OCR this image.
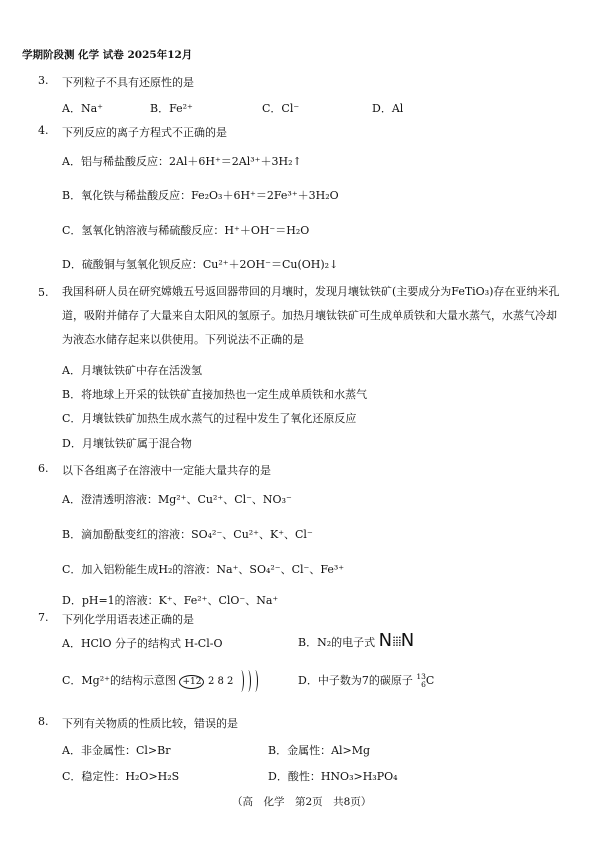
学期阶段测 化学 试卷 2025年12月
3. 下列粒子不具有还原性的是
A．Na⁺	B．Fe²⁺	C．Cl⁻	D．Al
4. 下列反应的离子方程式不正确的是
A．铝与稀盐酸反应：2Al＋6H⁺＝2Al³⁺＋3H₂↑
B．氧化铁与稀盐酸反应：Fe₂O₃＋6H⁺＝2Fe³⁺＋3H₂O
C．氢氧化钠溶液与稀硫酸反应：H⁺＋OH⁻＝H₂O
D．硫酸铜与氢氧化钡反应：Cu²⁺＋2OH⁻＝Cu(OH)₂↓
5. 我国科研人员在研究嫦娥五号返回器带回的月壤时，发现月壤钛铁矿(主要成分为FeTiO₃)存在亚纳米孔道，吸附并储存了大量来自太阳风的氢原子。加热月壤钛铁矿可生成单质铁和大量水蒸气，水蒸气冷却为液态水储存起来以供使用。下列说法不正确的是
A．月壤钛铁矿中存在活泼氢
B．将地球上开采的钛铁矿直接加热也一定生成单质铁和水蒸气
C．月壤钛铁矿加热生成水蒸气的过程中发生了氧化还原反应
D．月壤钛铁矿属于混合物
6. 以下各组离子在溶液中一定能大量共存的是
A．澄清透明溶液：Mg²⁺、Cu²⁺、Cl⁻、NO₃⁻
B．滴加酚酞变红的溶液：SO₄²⁻、Cu²⁺、K⁺、Cl⁻
C．加入铝粉能生成H₂的溶液：Na⁺、SO₄²⁻、Cl⁻、Fe³⁺
D．pH=1的溶液：K⁺、Fe²⁺、ClO⁻、Na⁺
7. 下列化学用语表述正确的是
A．HClO 分子的结构式 H-Cl-O	B．N₂的电子式 N⁞⁞⁞N
C．Mg²⁺的结构示意图 +12 2 8 2	D．中子数为7的碳原子 13
6 C
8. 下列有关物质的性质比较，错误的是
A．非金属性：Cl>Br	B．金属性：Al>Mg
C．稳定性：H₂O>H₂S	D．酸性：HNO₃>H₃PO₄
（高　化学　第2页　共8页）
